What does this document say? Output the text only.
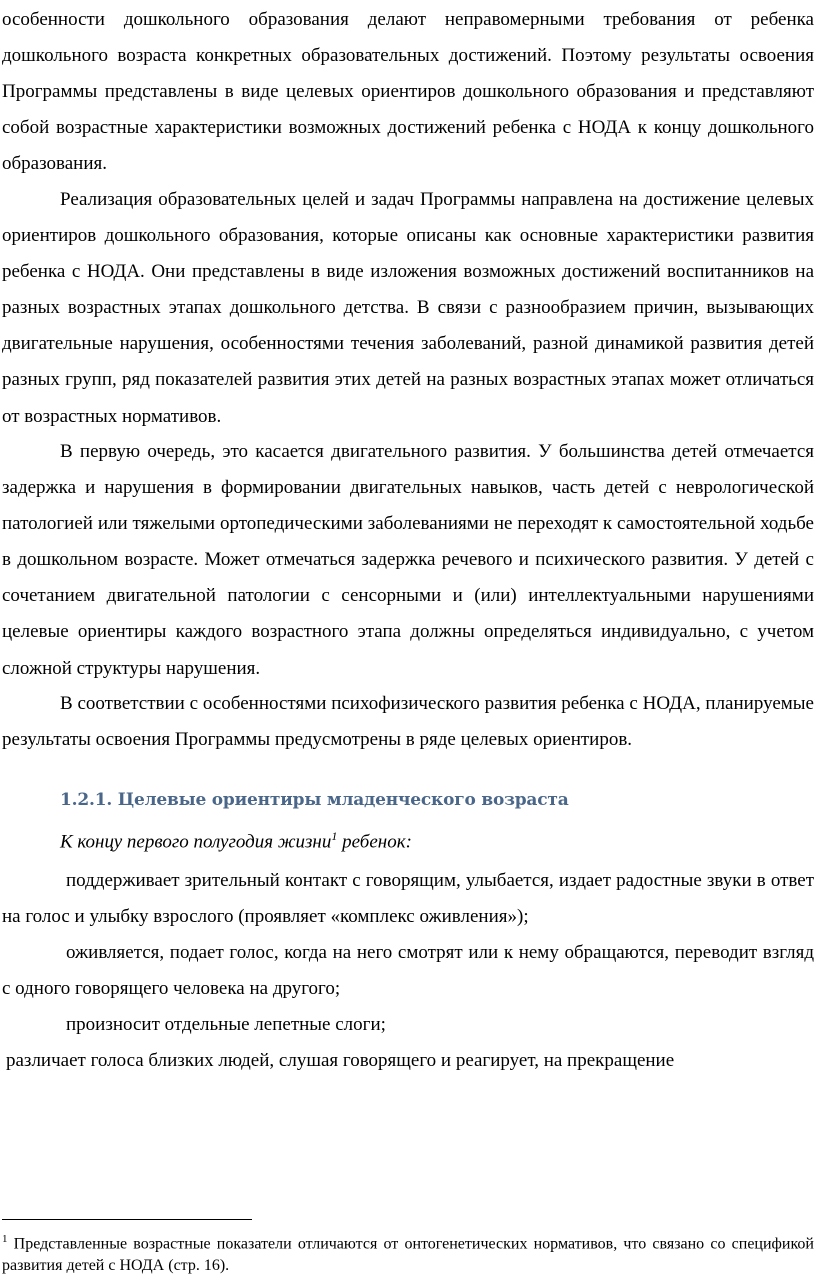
особенности дошкольного образования делают неправомерными требования от ребенка дошкольного возраста конкретных образовательных достижений. Поэтому результаты освоения Программы представлены в виде целевых ориентиров дошкольного образования и представляют собой возрастные характеристики возможных достижений ребенка с НОДА к концу дошкольного образования.

Реализация образовательных целей и задач Программы направлена на достижение целевых ориентиров дошкольного образования, которые описаны как основные характеристики развития ребенка с НОДА. Они представлены в виде изложения возможных достижений воспитанников на разных возрастных этапах дошкольного детства. В связи с разнообразием причин, вызывающих двигательные нарушения, особенностями течения заболеваний, разной динамикой развития детей разных групп, ряд показателей развития этих детей на разных возрастных этапах может отличаться от возрастных нормативов.

В первую очередь, это касается двигательного развития. У большинства детей отмечается задержка и нарушения в формировании двигательных навыков, часть детей с неврологической патологией или тяжелыми ортопедическими заболеваниями не переходят к самостоятельной ходьбе в дошкольном возрасте. Может отмечаться задержка речевого и психического развития. У детей с сочетанием двигательной патологии с сенсорными и (или) интеллектуальными нарушениями целевые ориентиры каждого возрастного этапа должны определяться индивидуально, с учетом сложной структуры нарушения.

В соответствии с особенностями психофизического развития ребенка с НОДА, планируемые результаты освоения Программы предусмотрены в ряде целевых ориентиров.

1.2.1. Целевые ориентиры младенческого возраста

К концу первого полугодия жизни$^1$ ребенок:

поддерживает зрительный контакт с говорящим, улыбается, издает радостные звуки в ответ на голос и улыбку взрослого (проявляет «комплекс оживления»);

оживляется, подает голос, когда на него смотрят или к нему обращаются, переводит взгляд с одного говорящего человека на другого;

произносит отдельные лепетные слоги;

различает голоса близких людей, слушая говорящего и реагирует, на прекращение

$^1$ Представленные возрастные показатели отличаются от онтогенетических нормативов, что связано со спецификой развития детей с НОДА (стр. 16).
